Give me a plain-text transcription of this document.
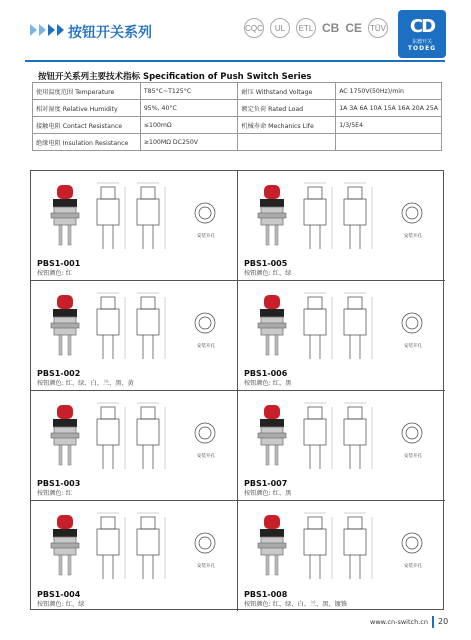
按钮开关系列	CQC	UL	ETL CB CE TÜV CD
东德开关
TODEG
按钮开关系列主要技术指标 Specification of Push Switch Series
使用温度范围 Temperature	T85°C~T125°C	耐压 Withstand Voltage	AC 1750V(50Hz)/min
相对湿度 Relative Humidity	95%, 40°C	额定负荷 Rated Load	1A 3A 6A 10A 15A 16A 20A 25A
接触电阻 Contact Resistance	≤100mΩ	机械寿命 Mechanics Life	1/3/5E4
绝缘电阻 Insulation Resistance	≥100MΩ DC250V		
安装开孔
PBS1-001
按钮颜色: 红
安装开孔
PBS1-005
按钮颜色: 红、绿
安装开孔
PBS1-002
按钮颜色: 红、绿、白、兰、黑、黄
安装开孔
PBS1-006
按钮颜色: 红、黑
安装开孔
PBS1-003
按钮颜色: 红
安装开孔
PBS1-007
按钮颜色: 红、黑
安装开孔
PBS1-004
按钮颜色: 红、绿
安装开孔
PBS1-008
按钮颜色: 红、绿、白、兰、黑、镀铬
www.cn-switch.cn 20
